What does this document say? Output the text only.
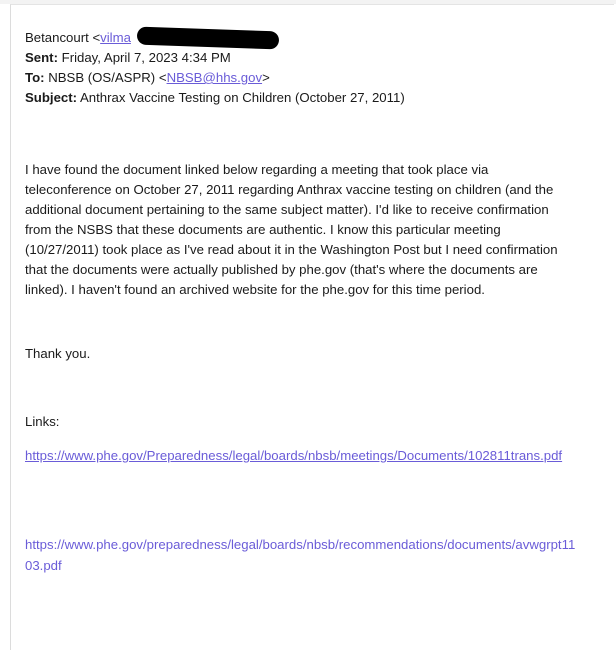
Betancourt <vilma
Sent: Friday, April 7, 2023 4:34 PM
To: NBSB (OS/ASPR) <NBSB@hhs.gov>
Subject: Anthrax Vaccine Testing on Children (October 27, 2011)

I have found the document linked below regarding a meeting that took place via

teleconference on October 27, 2011 regarding Anthrax vaccine testing on children (and the

additional document pertaining to the same subject matter). I'd like to receive confirmation

from the NSBS that these documents are authentic. I know this particular meeting

(10/27/2011) took place as I've read about it in the Washington Post but I need confirmation

that the documents were actually published by phe.gov (that's where the documents are

linked). I haven't found an archived website for the phe.gov for this time period.

Thank you.
Links:
https://www.phe.gov/Preparedness/legal/boards/nbsb/meetings/Documents/102811trans.pdf
https://www.phe.gov/preparedness/legal/boards/nbsb/recommendations/documents/avwgrpt1103.pdf
